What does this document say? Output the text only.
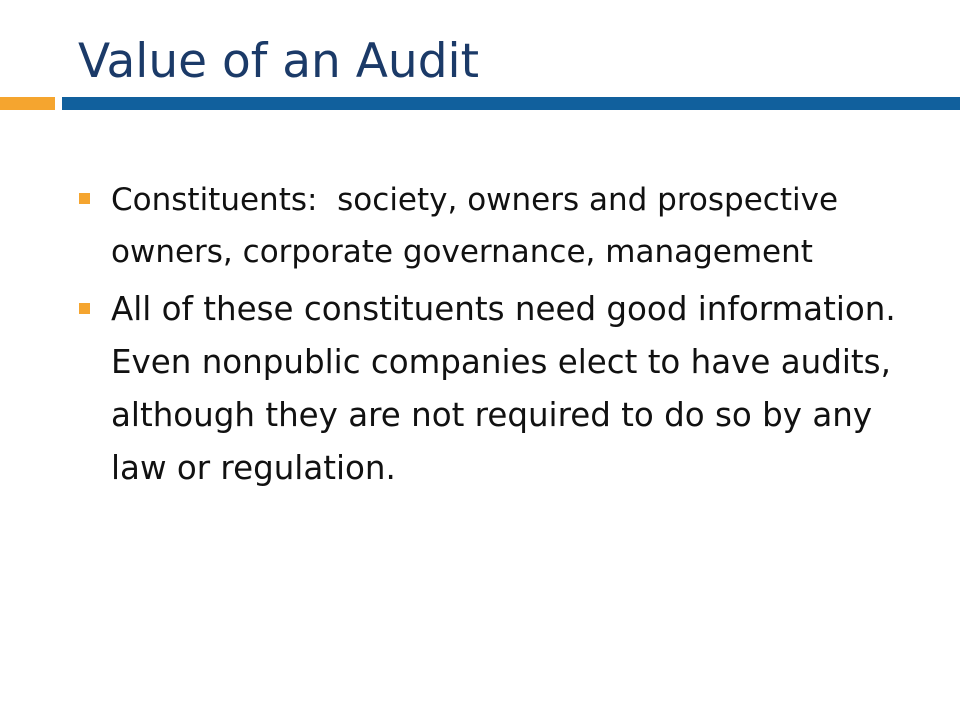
Value of an Audit
Constituents:  society, owners and prospective
owners, corporate governance, management
All of these constituents need good information.
Even nonpublic companies elect to have audits,
although they are not required to do so by any
law or regulation.
